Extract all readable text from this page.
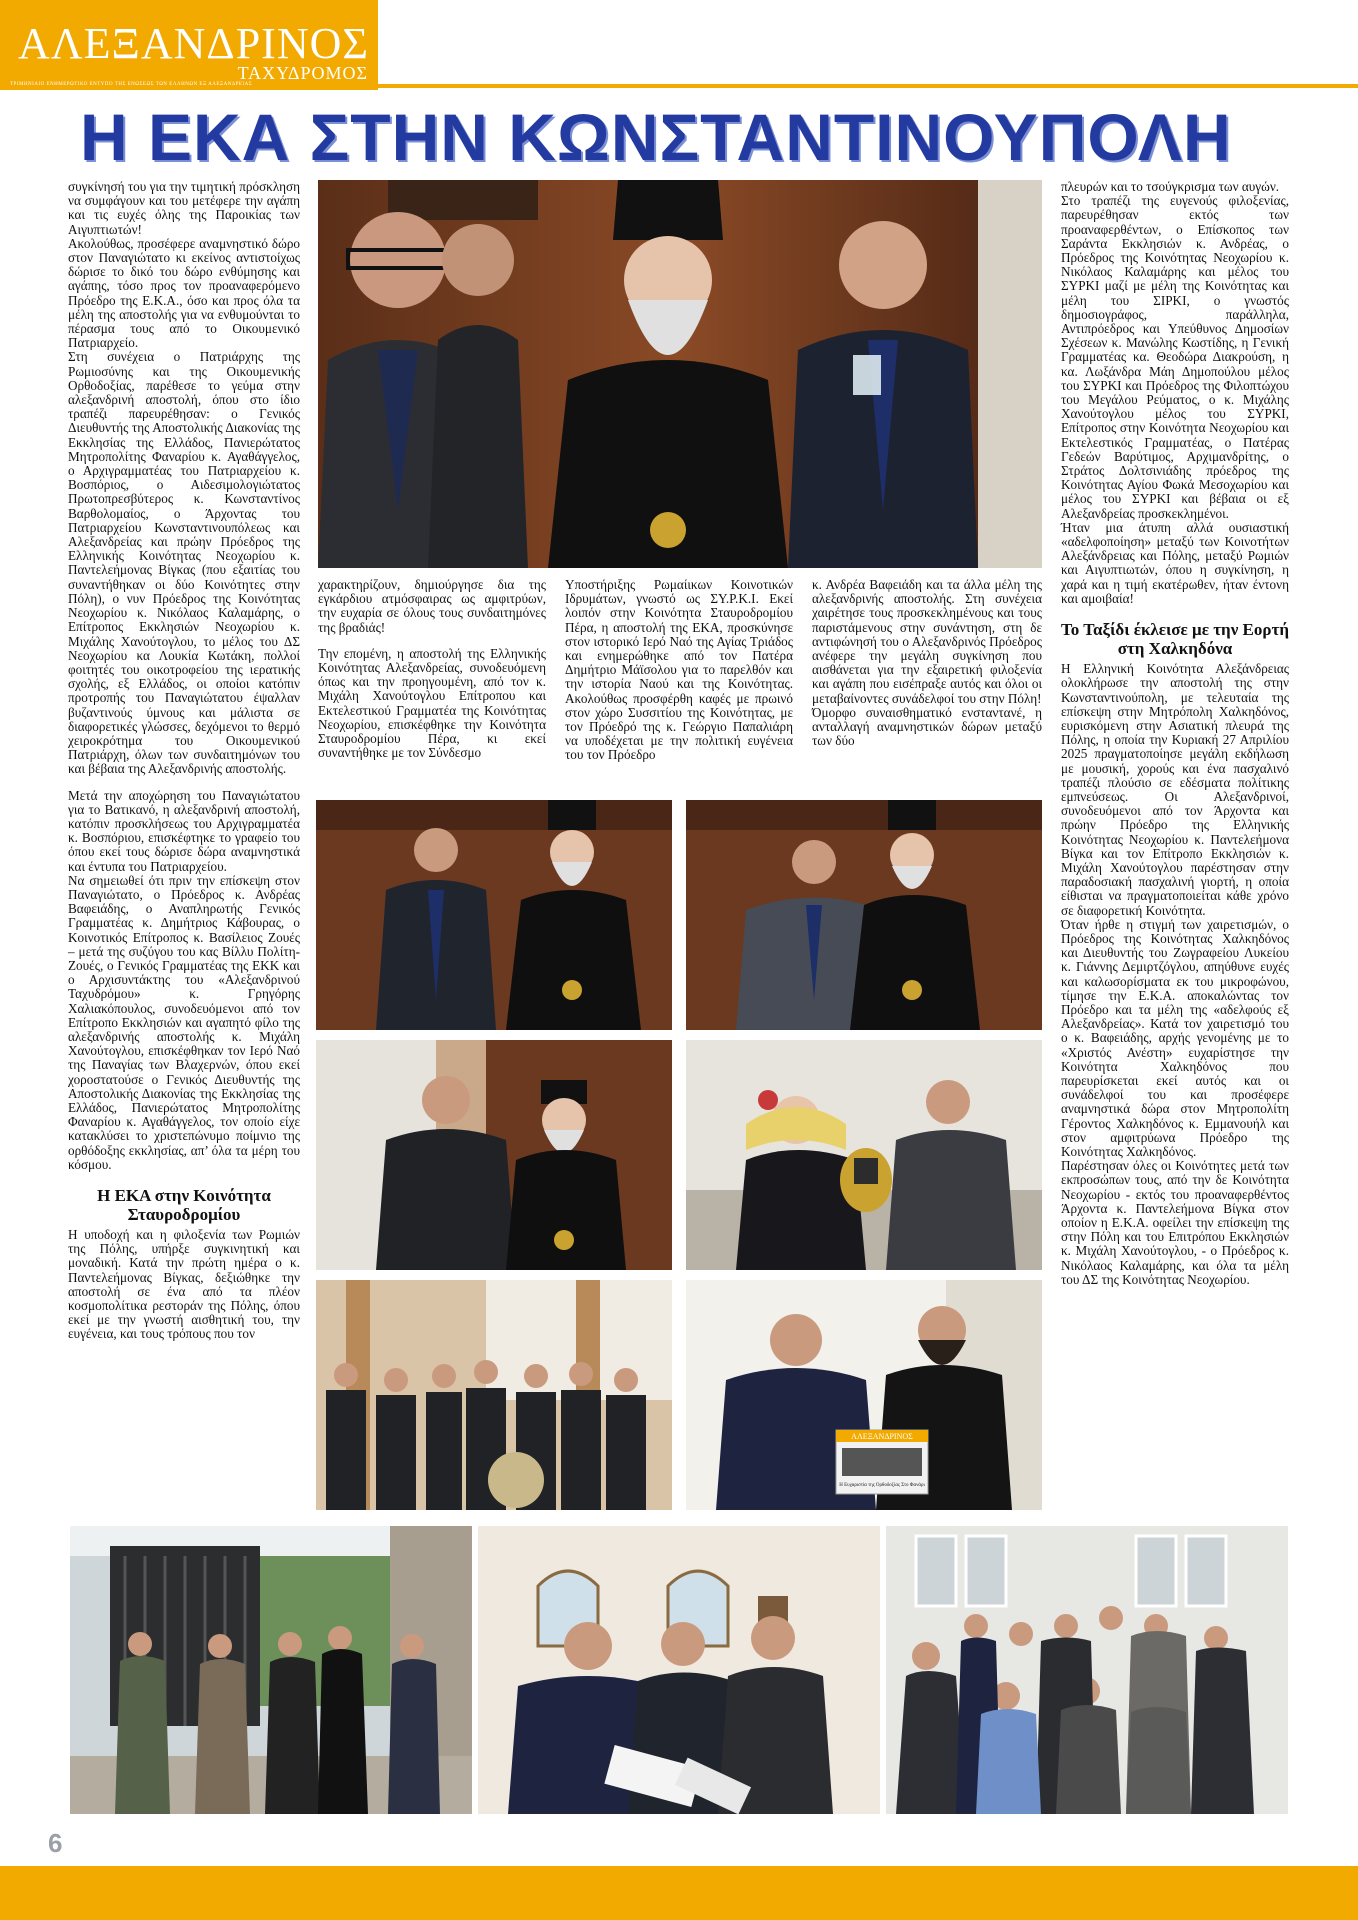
ΑΛΕΞΑΝΔΡΙΝΟΣ
ΤΑΧΥΔΡΟΜΟΣ
ΤΡΙΜΗΝΙΑΙΟ ΕΝΗΜΕΡΩΤΙΚΟ ΕΝΤΥΠΟ ΤΗΣ ΕΝΩΣΕΩΣ ΤΩΝ ΕΛΛΗΝΩΝ ΕΞ ΑΛΕΞΑΝΔΡΕΙΑΣ
Η ΕΚΑ ΣΤΗΝ ΚΩΝΣΤΑΝΤΙΝΟΥΠΟΛΗ

συγκίνησή του για την τιμητική πρόσκληση να συμφάγουν και του μετέφερε την αγάπη και τις ευχές όλης της Παροικίας των Αιγυπτιωτών!

Ακολούθως, προσέφερε αναμνηστικό δώρο στον Παναγιώτατο κι εκείνος αντιστοίχως δώρισε το δικό του δώρο ενθύμησης και αγάπης, τόσο προς τον προαναφερόμενο Πρόεδρο της Ε.Κ.Α., όσο και προς όλα τα μέλη της αποστολής για να ενθυμούνται το πέρασμα τους από το Οικουμενικό Πατριαρχείο.

Στη συνέχεια ο Πατριάρχης της Ρωμιοσύνης και της Οικουμενικής Ορθοδοξίας, παρέθεσε το γεύμα στην αλεξανδρινή αποστολή, όπου στο ίδιο τραπέζι παρευρέθησαν: ο Γενικός Διευθυντής της Αποστολικής Διακονίας της Εκκλησίας της Ελλάδος, Πανιερώτατος Μητροπολίτης Φαναρίου κ. Αγαθάγγελος, ο Αρχιγραμματέας του Πατριαρχείου κ. Βοσπόριος, ο Αιδεσιμολογιώτατος Πρωτοπρεσβύτερος κ. Κωνσταντίνος Βαρθολομαίος, ο Άρχοντας του Πατριαρχείου Κωνσταντινουπόλεως και Αλεξανδρείας και πρώην Πρόεδρος της Ελληνικής Κοινότητας Νεοχωρίου κ. Παντελεήμονας Βίγκας (που εξαιτίας του συναντήθηκαν οι δύο Κοινότητες στην Πόλη), ο νυν Πρόεδρος της Κοινότητας Νεοχωρίου κ. Νικόλαος Καλαμάρης, ο Επίτροπος Εκκλησιών Νεοχωρίου κ. Μιχάλης Χανούτογλου, το μέλος του ΔΣ Νεοχωρίου κα Λουκία Κωτάκη, πολλοί φοιτητές του οικοτροφείου της ιερατικής σχολής, εξ Ελλάδος, οι οποίοι κατόπιν προτροπής του Παναγιώτατου έψαλλαν βυζαντινούς ύμνους και μάλιστα σε διαφορετικές γλώσσες, δεχόμενοι το θερμό χειροκρότημα του Οικουμενικού Πατριάρχη, όλων των συνδαιτημόνων του και βέβαια της Αλεξανδρινής αποστολής.

Μετά την αποχώρηση του Παναγιώτατου για το Βατικανό, η αλεξανδρινή αποστολή, κατόπιν προσκλήσεως του Αρχιγραμματέα κ. Βοσπόριου, επισκέφτηκε το γραφείο του όπου εκεί τους δώρισε δώρα αναμνηστικά και έντυπα του Πατριαρχείου.

Να σημειωθεί ότι πριν την επίσκεψη στον Παναγιώτατο, ο Πρόεδρος κ. Ανδρέας Βαφειάδης, ο Αναπληρωτής Γενικός Γραμματέας κ. Δημήτριος Κάβουρας, ο Κοινοτικός Επίτροπος κ. Βασίλειος Ζουές – μετά της συζύγου του κας Βίλλυ Πολίτη-Ζουές, ο Γενικός Γραμματέας της ΕΚΚ και ο Αρχισυντάκτης του «Αλεξανδρινού Ταχυδρόμου» κ. Γρηγόρης Χαλιακόπουλος, συνοδευόμενοι από τον Επίτροπο Εκκλησιών και αγαπητό φίλο της αλεξανδρινής αποστολής κ. Μιχάλη Χανούτογλου, επισκέφθηκαν τον Ιερό Ναό της Παναγίας των Βλαχερνών, όπου εκεί χοροστατούσε ο Γενικός Διευθυντής της Αποστολικής Διακονίας της Εκκλησίας της Ελλάδος, Πανιερώτατος Μητροπολίτης Φαναρίου κ. Αγαθάγγελος, τον οποίο είχε κατακλύσει το χριστεπώνυμο ποίμνιο της ορθόδοξης εκκλησίας, απ’ όλα τα μέρη του κόσμου.

Η ΕΚΑ στην Κοινότητα Σταυροδρομίου

Η υποδοχή και η φιλοξενία των Ρωμιών της Πόλης, υπήρξε συγκινητική και μοναδική. Κατά την πρώτη ημέρα ο κ. Παντελεήμονας Βίγκας, δεξιώθηκε την αποστολή σε ένα από τα πλέον κοσμοπολίτικα ρεστοράν της Πόλης, όπου εκεί με την γνωστή αισθητική του, την ευγένεια, και τους τρόπους που τον

χαρακτηρίζουν, δημιούργησε δια της εγκάρδιου ατμόσφαιρας ως αμφιτρύων, την ευχαρία σε όλους τους συνδαιτημόνες της βραδιάς!

Την επομένη, η αποστολή της Ελληνικής Κοινότητας Αλεξανδρείας, συνοδευόμενη όπως και την προηγουμένη, από τον κ. Μιχάλη Χανούτογλου Επίτροπου και Εκτελεστικού Γραμματέα της Κοινότητας Νεοχωρίου, επισκέφθηκε την Κοινότητα Σταυροδρομίου Πέρα, κι εκεί συναντήθηκε με τον Σύνδεσμο

Υποστήριξης Ρωμαίικων Κοινοτικών Ιδρυμάτων, γνωστό ως ΣΥ.Ρ.Κ.Ι. Εκεί λοιπόν στην Κοινότητα Σταυροδρομίου Πέρα, η αποστολή της ΕΚΑ, προσκύνησε στον ιστορικό Ιερό Ναό της Αγίας Τριάδος και ενημερώθηκε από τον Πατέρα Δημήτριο Μάϊσολου για το παρελθόν και την ιστορία Ναού και της Κοινότητας. Ακολούθως προσφέρθη καφές με πρωινό στον χώρο Συσσιτίου της Κοινότητας, με τον Πρόεδρό της κ. Γεώργιο Παπαλιάρη να υποδέχεται με την πολιτική ευγένεια του τον Πρόεδρο

κ. Ανδρέα Βαφειάδη και τα άλλα μέλη της αλεξανδρινής αποστολής. Στη συνέχεια χαιρέτησε τους προσκεκλημένους και τους παριστάμενους στην συνάντηση, στη δε αντιφώνησή του ο Αλεξανδρινός Πρόεδρος ανέφερε την μεγάλη συγκίνηση που αισθάνεται για την εξαιρετική φιλοξενία και αγάπη που εισέπραξε αυτός και όλοι οι μεταβαίνοντες συνάδελφοί του στην Πόλη!

Όμορφο συναισθηματικό ενσταντανέ, η ανταλλαγή αναμνηστικών δώρων μεταξύ των δύο

πλευρών και το τσούγκρισμα των αυγών.

Στο τραπέζι της ευγενούς φιλοξενίας, παρευρέθησαν εκτός των προαναφερθέντων, ο Επίσκοπος των Σαράντα Εκκλησιών κ. Ανδρέας, ο Πρόεδρος της Κοινότητας Νεοχωρίου κ. Νικόλαος Καλαμάρης και μέλος του ΣΥΡΚΙ μαζί με μέλη της Κοινότητας και μέλη του ΣΙΡΚΙ, ο γνωστός δημοσιογράφος, παράλληλα, Αντιπρόεδρος και Υπεύθυνος Δημοσίων Σχέσεων κ. Μανώλης Κωστίδης, η Γενική Γραμματέας κα. Θεοδώρα Διακρούση, η κα. Λωξάνδρα Μάη Δημοπούλου μέλος του ΣΥΡΚΙ και Πρόεδρος της Φιλοπτώχου του Μεγάλου Ρεύματος, ο κ. Μιχάλης Χανούτογλου μέλος του ΣΥΡΚΙ, Επίτροπος στην Κοινότητα Νεοχωρίου και Εκτελεστικός Γραμματέας, ο Πατέρας Γεδεών Βαρύτιμος, Αρχιμανδρίτης, ο Στράτος Δολτσινιάδης πρόεδρος της Κοινότητας Αγίου Φωκά Μεσοχωρίου και μέλος του ΣΥΡΚΙ και βέβαια οι εξ Αλεξανδρείας προσκεκλημένοι.

Ήταν μια άτυπη αλλά ουσιαστική «αδελφοποίηση» μεταξύ των Κοινοτήτων Αλεξάνδρειας και Πόλης, μεταξύ Ρωμιών και Αιγυπτιωτών, όπου η συγκίνηση, η χαρά και η τιμή εκατέρωθεν, ήταν έντονη και αμοιβαία!

Το Ταξίδι έκλεισε με την Εορτή στη Χαλκηδόνα

Η Ελληνική Κοινότητα Αλεξάνδρειας ολοκλήρωσε την αποστολή της στην Κωνσταντινούπολη, με τελευταία της επίσκεψη στην Μητρόπολη Χαλκηδόνος, ευρισκόμενη στην Ασιατική πλευρά της Πόλης, η οποία την Κυριακή 27 Απριλίου 2025 πραγματοποίησε μεγάλη εκδήλωση με μουσική, χορούς και ένα πασχαλινό τραπέζι πλούσιο σε εδέσματα πολίτικης εμπνεύσεως. Οι Αλεξανδρινοί, συνοδευόμενοι από τον Άρχοντα και πρώην Πρόεδρο της Ελληνικής Κοινότητας Νεοχωρίου κ. Παντελεήμονα Βίγκα και τον Επίτροπο Εκκλησιών κ. Μιχάλη Χανούτογλου παρέστησαν στην παραδοσιακή πασχαλινή γιορτή, η οποία είθισται να πραγματοποιείται κάθε χρόνο σε διαφορετική Κοινότητα.

Όταν ήρθε η στιγμή των χαιρετισμών, ο Πρόεδρος της Κοινότητας Χαλκηδόνος και Διευθυντής του Ζωγραφείου Λυκείου κ. Γιάννης Δεμιρτζόγλου, απηύθυνε ευχές και καλωσορίσματα εκ του μικροφώνου, τίμησε την Ε.Κ.Α. αποκαλώντας τον Πρόεδρο και τα μέλη της «αδελφούς εξ Αλεξανδρείας». Κατά τον χαιρετισμό του ο κ. Βαφειάδης, αρχής γενομένης με το «Χριστός Ανέστη» ευχαρίστησε την Κοινότητα Χαλκηδόνος που παρευρίσκεται εκεί αυτός και οι συνάδελφοί του και προσέφερε αναμνηστικά δώρα στον Μητροπολίτη Γέροντος Χαλκηδόνος κ. Εμμανουήλ και στον αμφιτρύωνα Πρόεδρο της Κοινότητας Χαλκηδόνος.

Παρέστησαν όλες οι Κοινότητες μετά των εκπροσώπων τους, από την δε Κοινότητα Νεοχωρίου - εκτός του προαναφερθέντος Άρχοντα κ. Παντελεήμονα Βίγκα στον οποίον η Ε.Κ.Α. οφείλει την επίσκεψη της στην Πόλη και του Επιτρόπου Εκκλησιών κ. Μιχάλη Χανούτογλου, - ο Πρόεδρος κ. Νικόλαος Καλαμάρης, και όλα τα μέλη του ΔΣ της Κοινότητας Νεοχωρίου.

ΑΛΕΞΑΝΔΡΙΝΟΣ
Η Ευχαριστία της Ορθοδοξίας Στο Φανάρι
6
